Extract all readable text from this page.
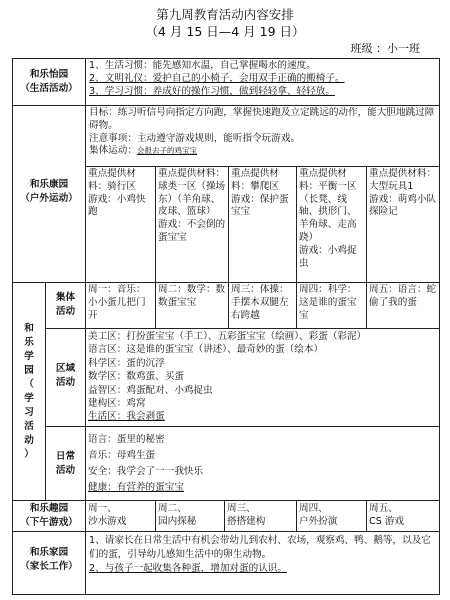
第九周教育活动内容安排
（4 月 15 日—4 月 19 日）
班级 ：小一班
和乐怡园
（生活活动）
1、生活习惯：能先感知水温，自己掌握喝水的速度。
2、文明礼仪：爱护自己的小椅子，会用双手正确的搬椅子。
3、学习习惯：养成好的操作习惯，做到轻轻拿、轻轻放。
和乐康园
（户外运动）
目标：练习听信号向指定方向跑，掌握快速跑及立定跳远的动作，能大胆地跳过障碍物。
注意事项：主动遵守游戏规则，能听指令玩游戏。
集体运动：会报去子的鸡宝宝
重点提供材料：骑行区
游戏：小鸡快跑
重点提供材料：球类一区（操场东）（羊角球、皮球、篮球）
游戏：不会倒的蛋宝宝
重点提供材料：攀爬区
游戏：保护蛋宝宝
重点提供材料：平衡一区（长凳、线轴、拱形门、羊角球、走高跷）
游戏：小鸡捉虫
重点提供材料：大型玩具1
游戏：萌鸡小队探险记
和
乐
学
园
（
学
习
活
动
）
集体
活动
周一：音乐：小小蛋儿把门开
周二：数学：数数蛋宝宝
周三：体操：手摆木双腿左右跨越
周四：科学：这是谁的蛋宝宝
周五：语言：蛇偷了我的蛋
区域
活动
美工区：打扮蛋宝宝（手工）、五彩蛋宝宝（绘画）、彩蛋（彩泥）
语言区：这是谁的蛋宝宝（讲述）、最奇妙的蛋（绘本）
科学区：蛋的沉浮
数学区：数鸡蛋、买蛋
益智区：鸡蛋配对、小鸡捉虫
建构区：鸡窝
生活区：我会剥蛋
日常
活动
语言：蛋里的秘密
音乐：母鸡生蛋
安全：我学会了一一我快乐
健康：有营养的蛋宝宝
和乐趣园
（下午游戏）
周一、
沙水游戏
周二、
园内探秘
周三、
搭搭建构
周四、
户外扮演
周五、
CS 游戏
和乐家园
（家长工作）
1、请家长在日常生活中有机会带幼儿到农村、农场，观察鸡、鸭、鹅等，以及它们的蛋，引导幼儿感知生活中的卵生动物。
2、与孩子一起收集各种蛋，增加对蛋的认识。
